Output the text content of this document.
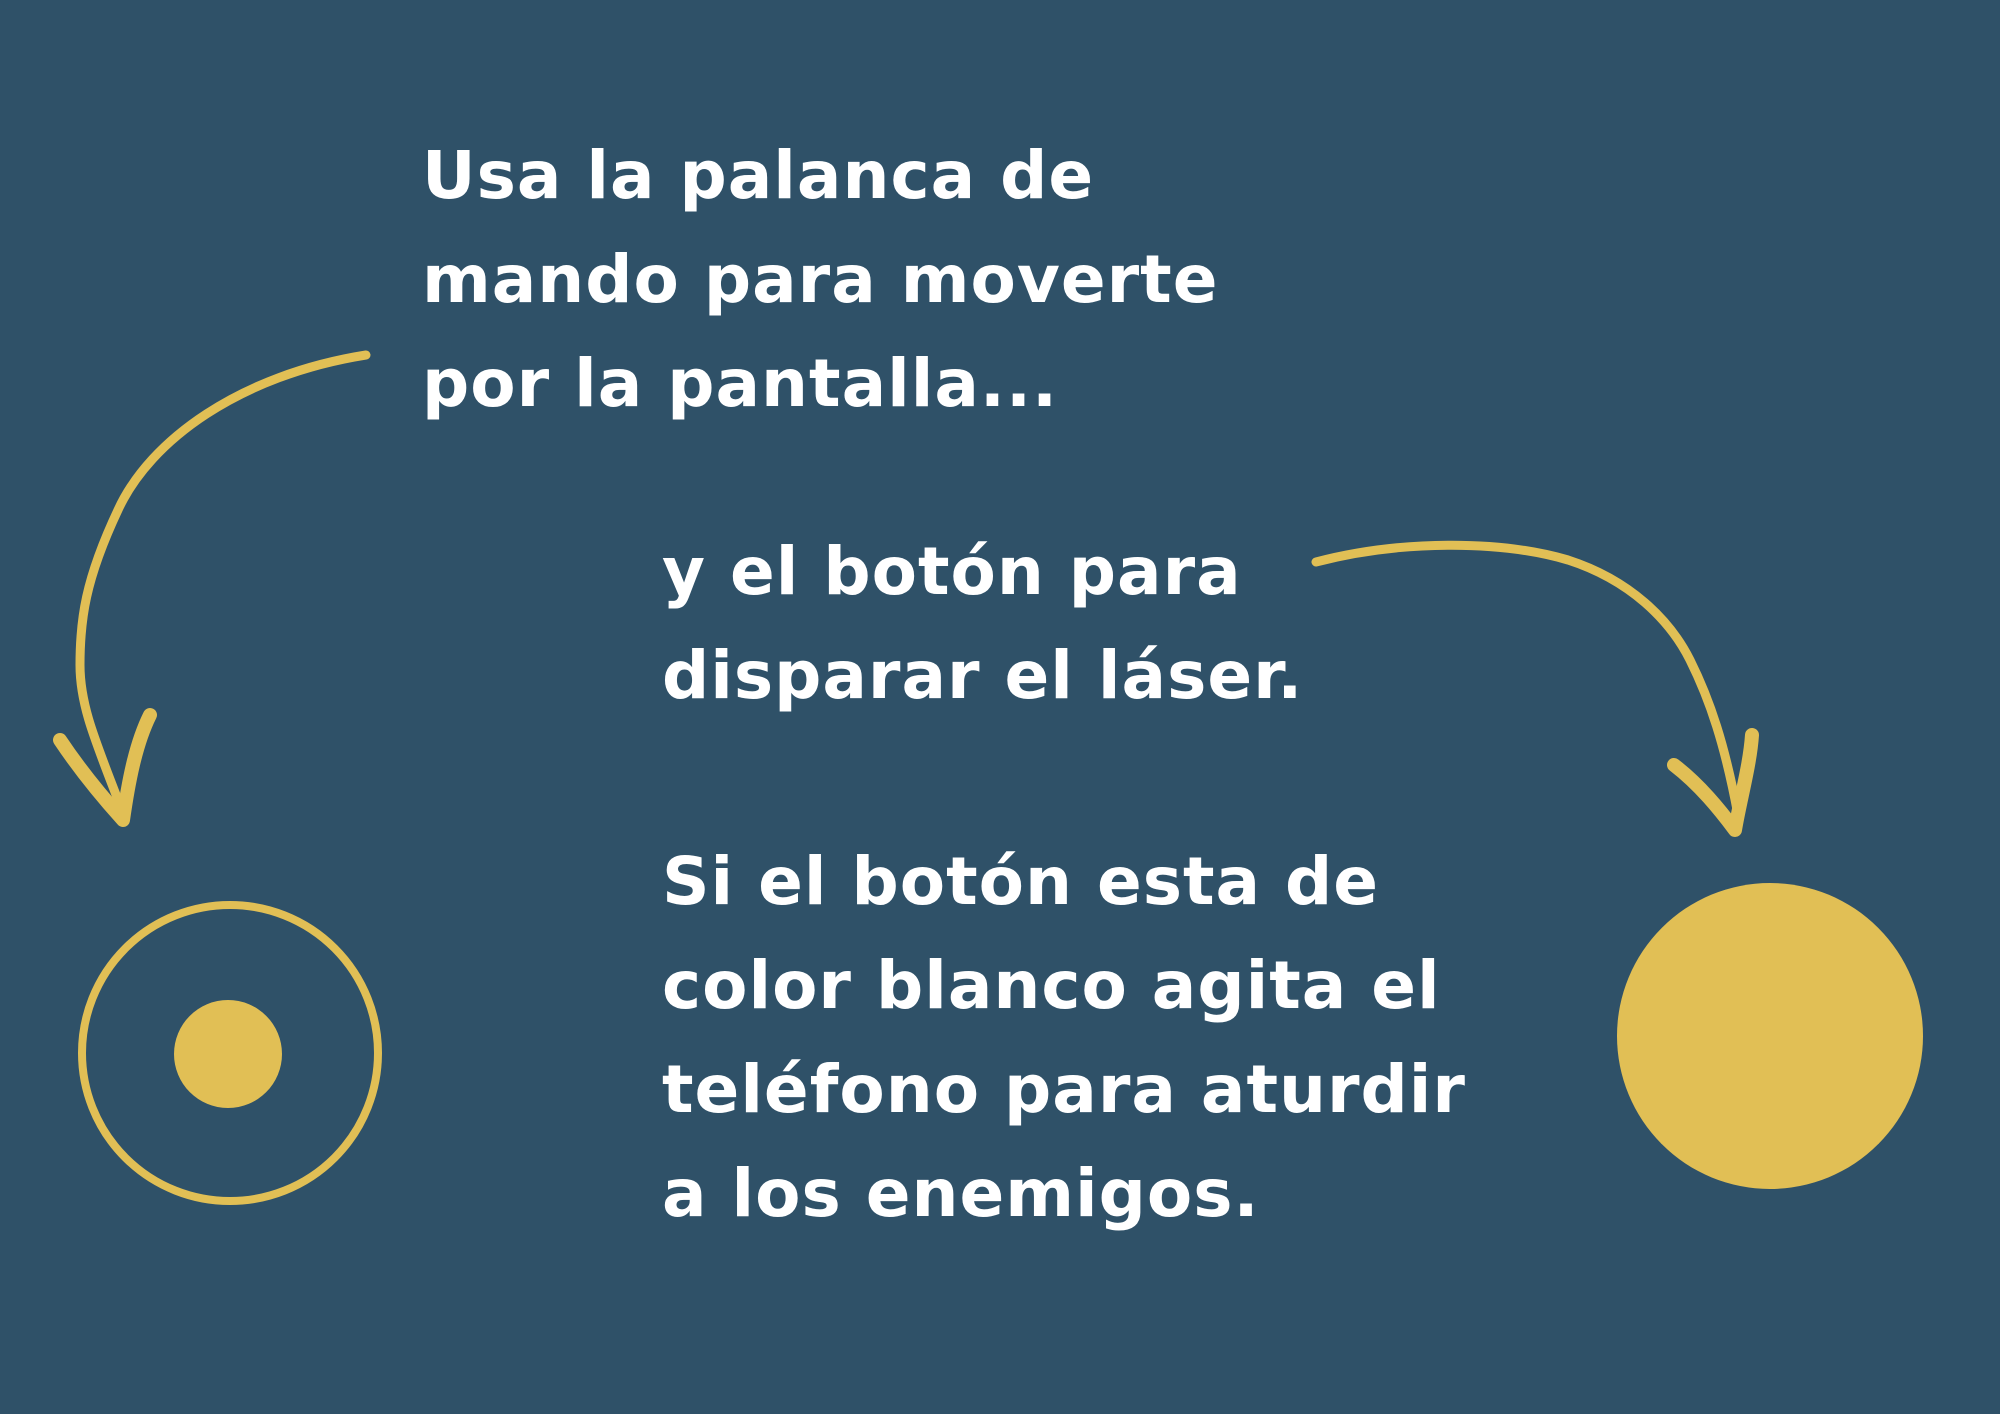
Usa la palanca de
mando para moverte
por la pantalla...
y el botón para
disparar el láser.
Si el botón esta de
color blanco agita el
teléfono para aturdir
a los enemigos.
